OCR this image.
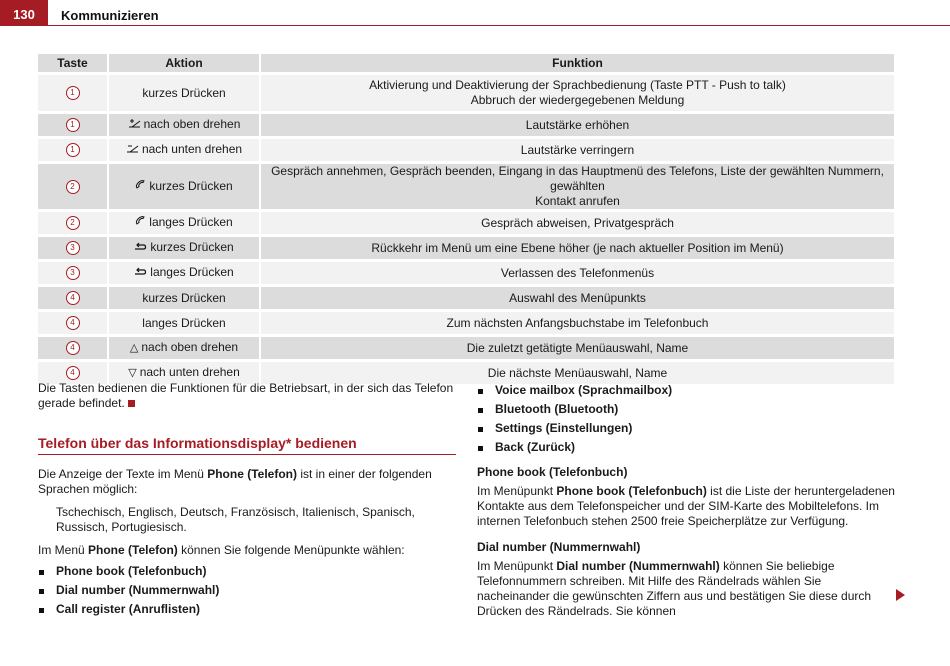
130	Kommunizieren
Taste	Aktion	Funktion
1	kurzes Drücken	Aktivierung und Deaktivierung der Sprachbedienung (Taste PTT - Push to talk)
Abbruch der wiedergegebenen Meldung
1	nach oben drehen	Lautstärke erhöhen
1	nach unten drehen	Lautstärke verringern
2	kurzes Drücken	Gespräch annehmen, Gespräch beenden, Eingang in das Hauptmenü des Telefons, Liste der gewählten Nummern, gewählten
Kontakt anrufen
2	langes Drücken	Gespräch abweisen, Privatgespräch
3	kurzes Drücken	Rückkehr im Menü um eine Ebene höher (je nach aktueller Position im Menü)
3	langes Drücken	Verlassen des Telefonmenüs
4	kurzes Drücken	Auswahl des Menüpunkts
4	langes Drücken	Zum nächsten Anfangsbuchstabe im Telefonbuch
4	△ nach oben drehen	Die zuletzt getätigte Menüauswahl, Name
4	▽ nach unten drehen	Die nächste Menüauswahl, Name

Die Tasten bedienen die Funktionen für die Betriebsart, in der sich das Telefon gerade befindet.

Telefon über das Informationsdisplay* bedienen

Die Anzeige der Texte im Menü Phone (Telefon) ist in einer der folgenden Sprachen möglich:

Tschechisch, Englisch, Deutsch, Französisch, Italienisch, Spanisch, Russisch, Portugiesisch.

Im Menü Phone (Telefon) können Sie folgende Menüpunkte wählen:

Phone book (Telefonbuch)
Dial number (Nummernwahl)
Call register (Anruflisten)
Voice mailbox (Sprachmailbox)
Bluetooth (Bluetooth)
Settings (Einstellungen)
Back (Zurück)

Phone book (Telefonbuch)

Im Menüpunkt Phone book (Telefonbuch) ist die Liste der heruntergeladenen Kontakte aus dem Telefonspeicher und der SIM-Karte des Mobiltelefons. Im internen Telefonbuch stehen 2500 freie Speicherplätze zur Verfügung.

Dial number (Nummernwahl)

Im Menüpunkt Dial number (Nummernwahl) können Sie beliebige Telefonnummern schreiben. Mit Hilfe des Rändelrads wählen Sie nacheinander die gewünschten Ziffern aus und bestätigen Sie diese durch Drücken des Rändelrads. Sie können
